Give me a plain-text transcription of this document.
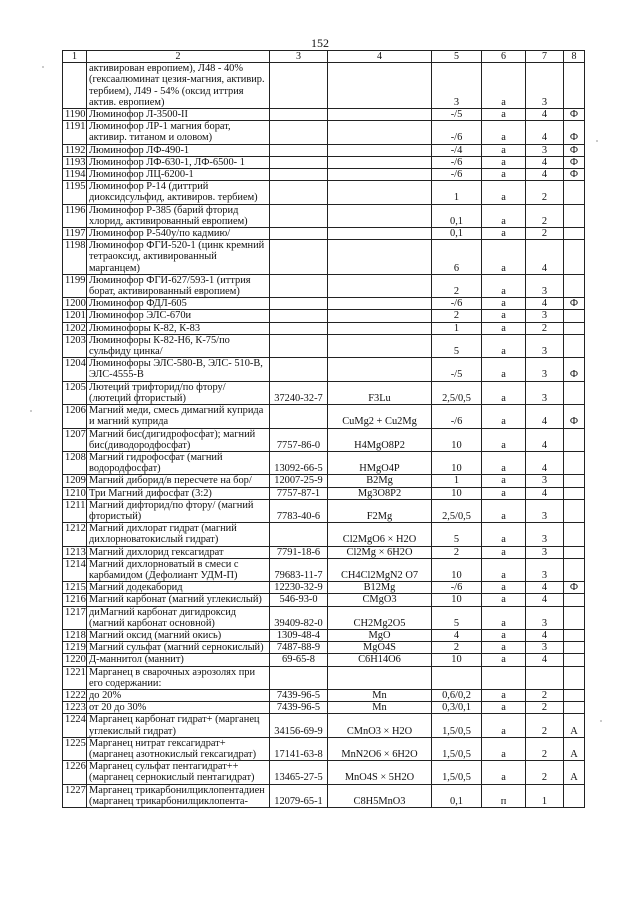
152
1	2	3	4	5	6	7	8
	активирован европием), Л48 - 40% (гексаалюминат цезия-магния, активир. тербием), Л49 - 54% (оксид иттрия актив. европием)			3	a	3	
1190	Люминофор Л-3500-II			-/5	a	4	Ф
1191	Люминофор ЛР-1 магния борат, активир. титаном и оловом)			-/6	a	4	Ф
1192	Люминофор ЛФ-490-1			-/4	a	3	Ф
1193	Люминофор ЛФ-630-1, ЛФ-6500- 1			-/6	a	4	Ф
1194	Люминофор ЛЦ-6200-1			-/6	a	4	Ф
1195	Люминофор Р-14 (диттрий диоксидсульфид, активиров. тербием)			1	a	2	
1196	Люминофор Р-385 (барий фторид хлорид, активированный европием)			0,1	a	2	
1197	Люминофор Р-540у/по кадмию/			0,1	a	2	
1198	Люминофор ФГИ-520-1 (цинк кремний тетраоксид, активированный марганцем)			6	a	4	
1199	Люминофор ФГИ-627/593-1 (иттрия борат, активированный европием)			2	a	3	
1200	Люминофор ФДЛ-605			-/6	a	4	Ф
1201	Люминофор ЭЛС-670и			2	a	3	
1202	Люминофоры К-82, К-83			1	a	2	
1203	Люминофоры К-82-Н6, К-75/по сульфиду цинка/			5	a	3	
1204	Люминофоры ЭЛС-580-В, ЭЛС- 510-В, ЭЛС-4555-В			-/5	a	3	Ф
1205	Лютеций трифторид/по фтору/ (лютеций фтористый)	37240-32-7	F3Lu	2,5/0,5	a	3	
1206	Магний меди, смесь димагний куприда и магний куприда		CuMg2 + Cu2Mg	-/6	a	4	Ф
1207	Магний бис(дигидрофосфат); магний бис(диводородфосфат)	7757-86-0	H4MgO8P2	10	a	4	
1208	Магний гидрофосфат (магний водородфосфат)	13092-66-5	HMgO4P	10	a	4	
1209	Магний диборид/в пересчете на бор/	12007-25-9	B2Mg	1	a	3	
1210	Три Магний дифосфат (3:2)	7757-87-1	Mg3O8P2	10	a	4	
1211	Магний дифторид/по фтору/ (магний фтористый)	7783-40-6	F2Mg	2,5/0,5	a	3	
1212	Магний дихлорат гидрат (магний дихлорноватокислый гидрат)		Cl2MgO6 × H2O	5	a	3	
1213	Магний дихлорид гексагидрат	7791-18-6	Cl2Mg × 6H2O	2	a	3	
1214	Магний дихлорноватый в смеси с карбамидом (Дефолиант УДМ-П)	79683-11-7	CH4Cl2MgN2 O7	10	a	3	
1215	Магний додекаборид	12230-32-9	B12Mg	-/6	a	4	Ф
1216	Магний карбонат (магний углекислый)	546-93-0	CMgO3	10	a	4	
1217	диМагний карбонат дигидроксид (магний карбонат основной)	39409-82-0	CH2Mg2O5	5	a	3	
1218	Магний оксид (магний окись)	1309-48-4	MgO	4	a	4	
1219	Магний сульфат (магний сернокислый)	7487-88-9	MgO4S	2	a	3	
1220	Д-маннитол (маннит)	69-65-8	C6H14O6	10	a	4	
1221	Марганец в сварочных аэрозолях при его содержании:						
1222	до 20%	7439-96-5	Mn	0,6/0,2	a	2	
1223	от 20 до 30%	7439-96-5	Mn	0,3/0,1	a	2	
1224	Марганец карбонат гидрат+ (марганец углекислый гидрат)	34156-69-9	CMnO3 × H2O	1,5/0,5	a	2	А
1225	Марганец нитрат гексагидрат+ (марганец азотнокислый гексагидрат)	17141-63-8	MnN2O6 × 6H2O	1,5/0,5	a	2	А
1226	Марганец сульфат пентагидрат++ (марганец сернокислый пентагидрат)	13465-27-5	MnO4S × 5H2O	1,5/0,5	a	2	А
1227	Марганец трикарбонилциклопентадиен (марганец трикарбонилциклопента-	12079-65-1	C8H5MnO3	0,1	п	1	
